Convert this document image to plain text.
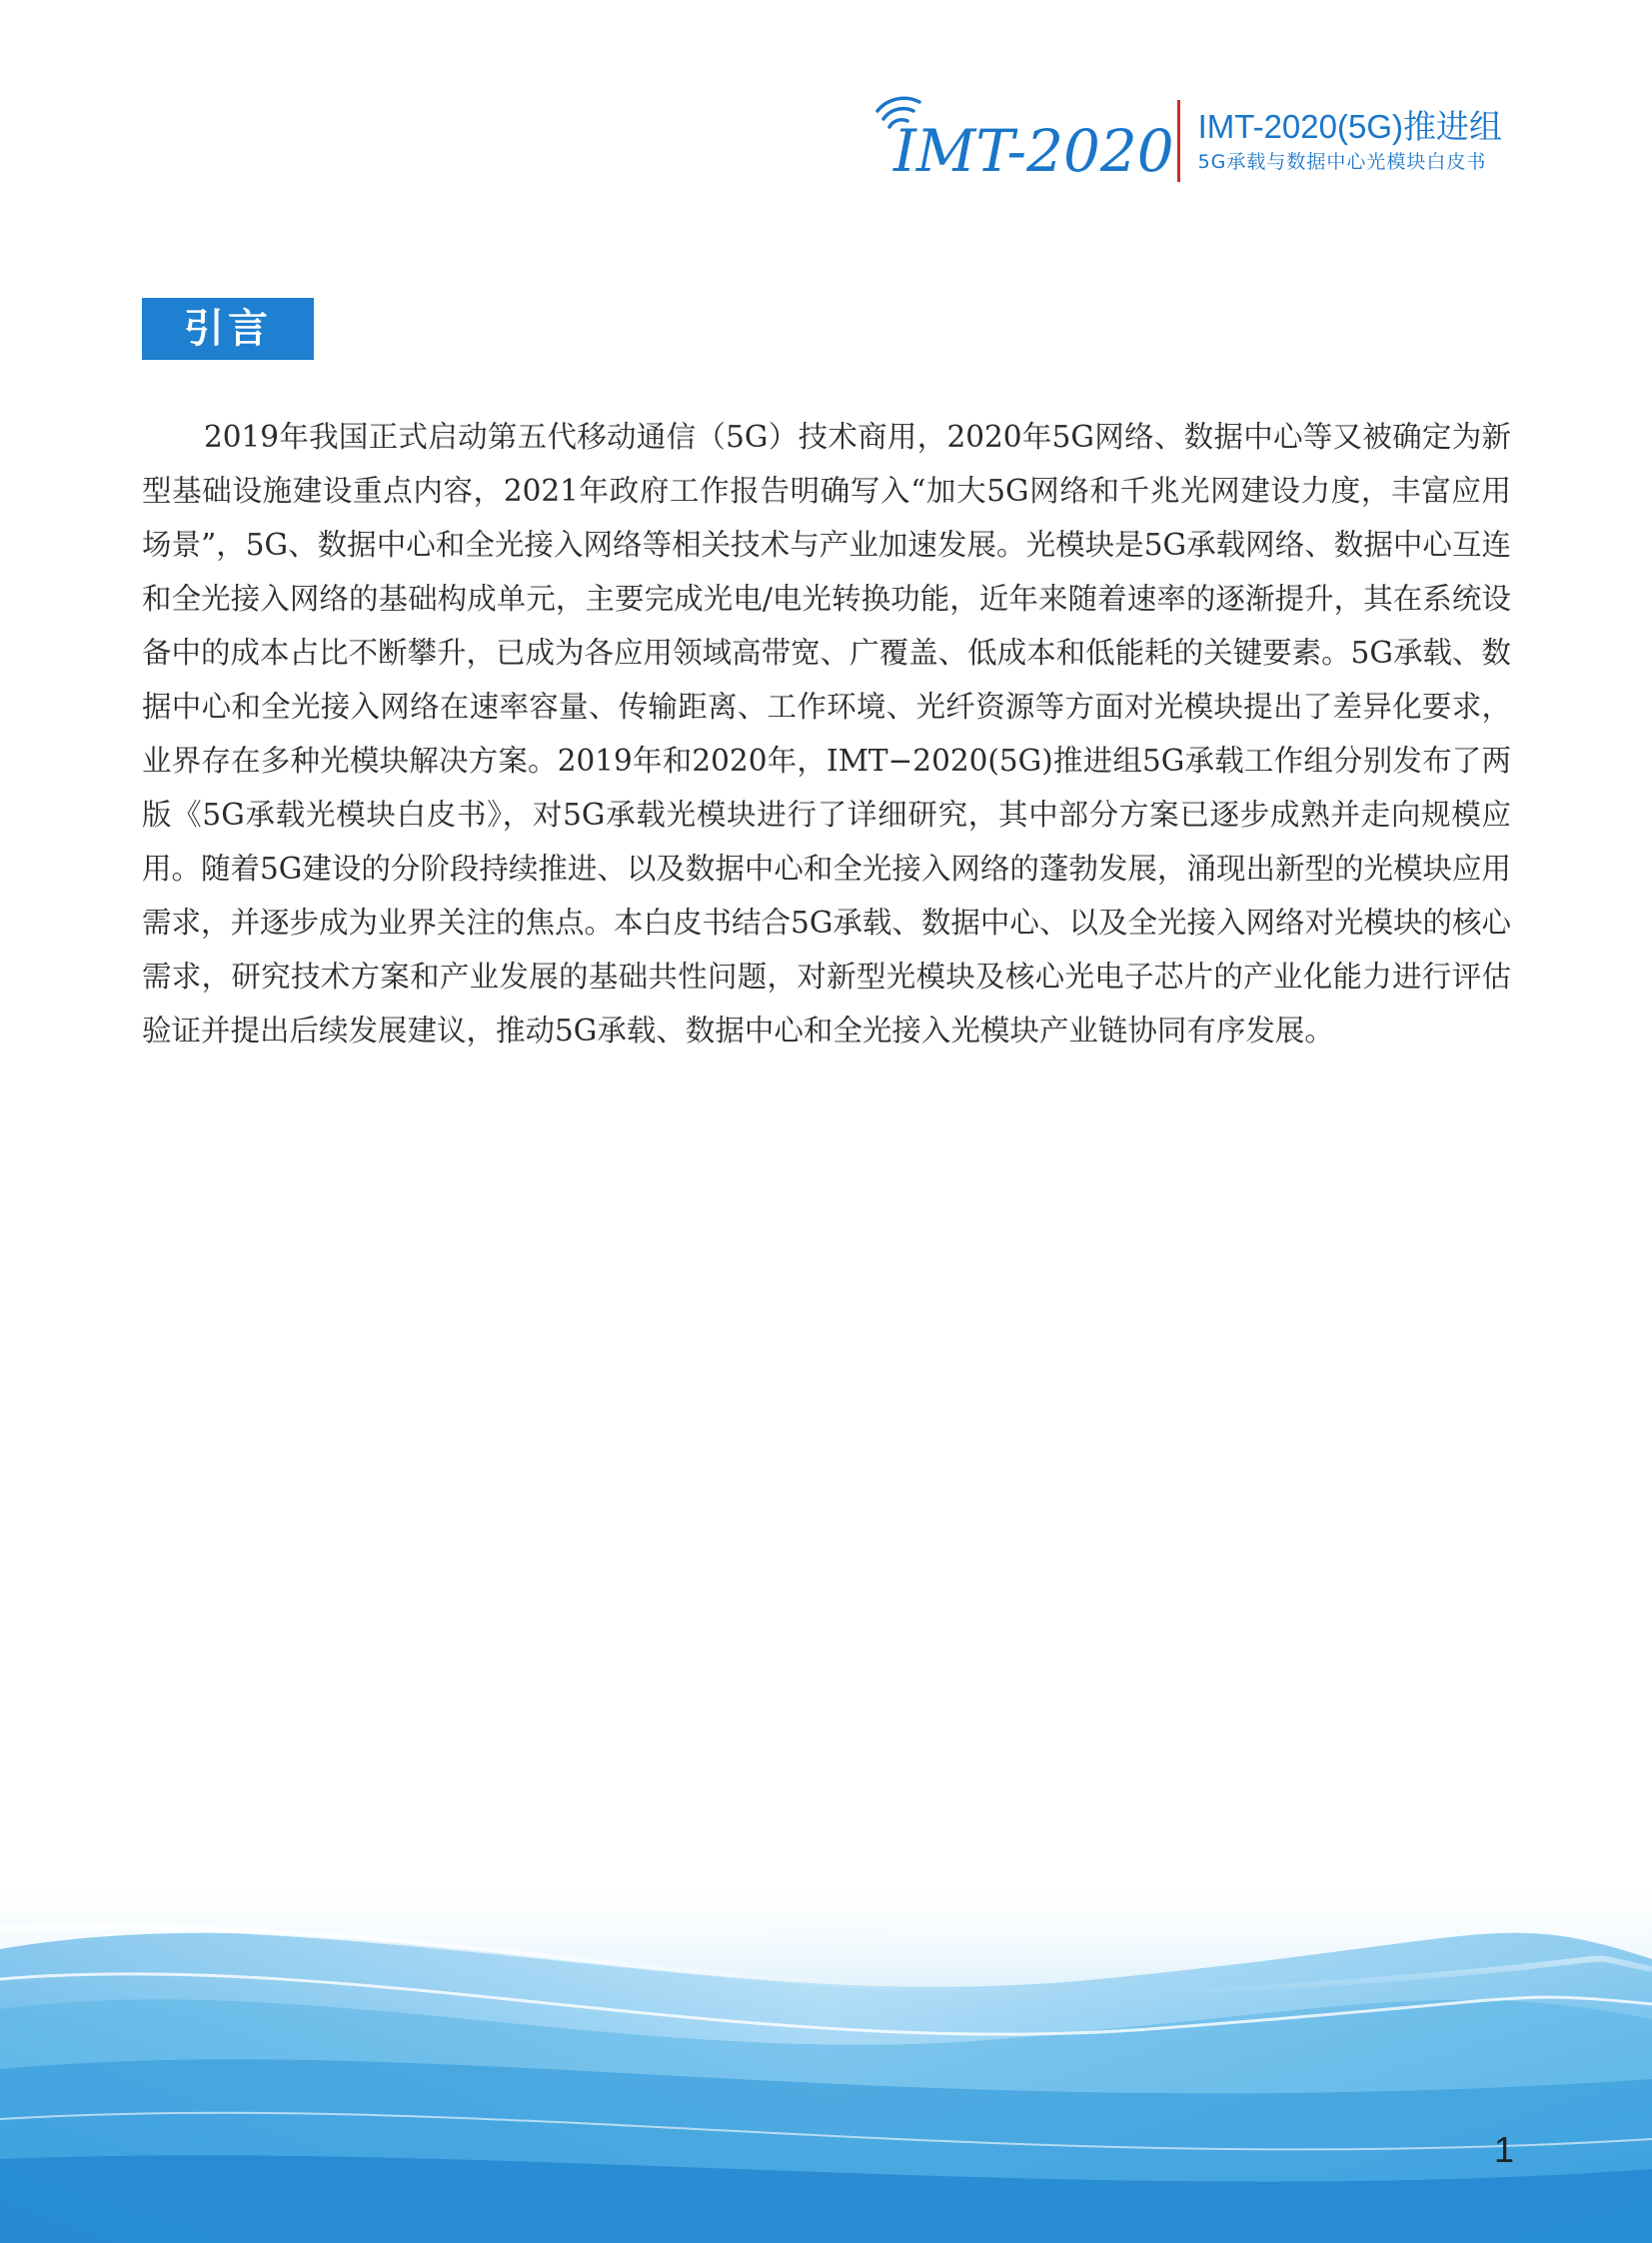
IMT-2020 IMT-2020(5G)推进组
5G承载与数据中心光模块白皮书
引言

2019年我国正式启动第五代移动通信（5G）技术商用，2020年5G网络、数据中心等又被确定为新型基础设施建设重点内容，2021年政府工作报告明确写入“加大5G网络和千兆光网建设力度，丰富应用场景”，5G、数据中心和全光接入网络等相关技术与产业加速发展。光模块是5G承载网络、数据中心互连和全光接入网络的基础构成单元，主要完成光电/电光转换功能，近年来随着速率的逐渐提升，其在系统设备中的成本占比不断攀升，已成为各应用领域高带宽、广覆盖、低成本和低能耗的关键要素。5G承载、数据中心和全光接入网络在速率容量、传输距离、工作环境、光纤资源等方面对光模块提出了差异化要求，业界存在多种光模块解决方案。2019年和2020年，IMT−2020(5G)推进组5G承载工作组分别发布了两版《5G承载光模块白皮书》，对5G承载光模块进行了详细研究，其中部分方案已逐步成熟并走向规模应用。随着5G建设的分阶段持续推进、以及数据中心和全光接入网络的蓬勃发展，涌现出新型的光模块应用需求，并逐步成为业界关注的焦点。本白皮书结合5G承载、数据中心、以及全光接入网络对光模块的核心需求，研究技术方案和产业发展的基础共性问题，对新型光模块及核心光电子芯片的产业化能力进行评估验证并提出后续发展建议，推动5G承载、数据中心和全光接入光模块产业链协同有序发展。

1
